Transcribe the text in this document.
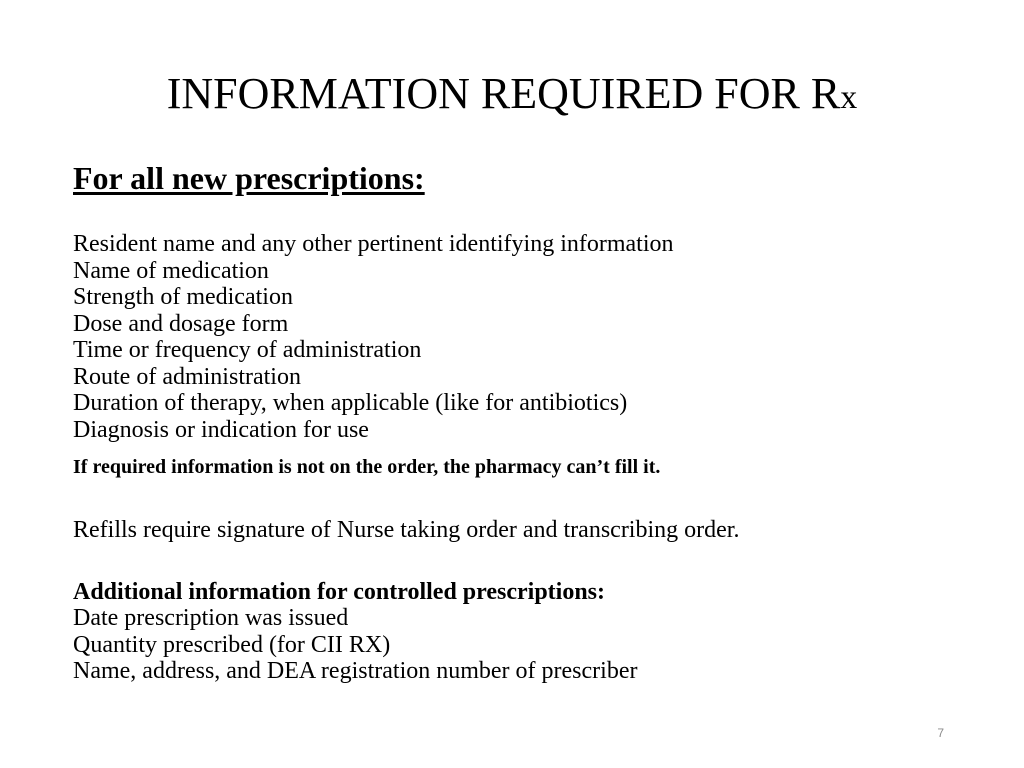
INFORMATION REQUIRED FOR Rx
For all new prescriptions:
Resident name and any other pertinent identifying information
Name of medication
Strength of medication
Dose and dosage form
Time or frequency of administration
Route of administration
Duration of therapy, when applicable (like for antibiotics)
Diagnosis or indication for use
If required information is not on the order, the pharmacy can’t fill it.
Refills require signature of Nurse taking order and transcribing order.
Additional information for controlled prescriptions:
Date prescription was issued
Quantity prescribed (for CII RX)
Name, address, and DEA registration number of prescriber
7
